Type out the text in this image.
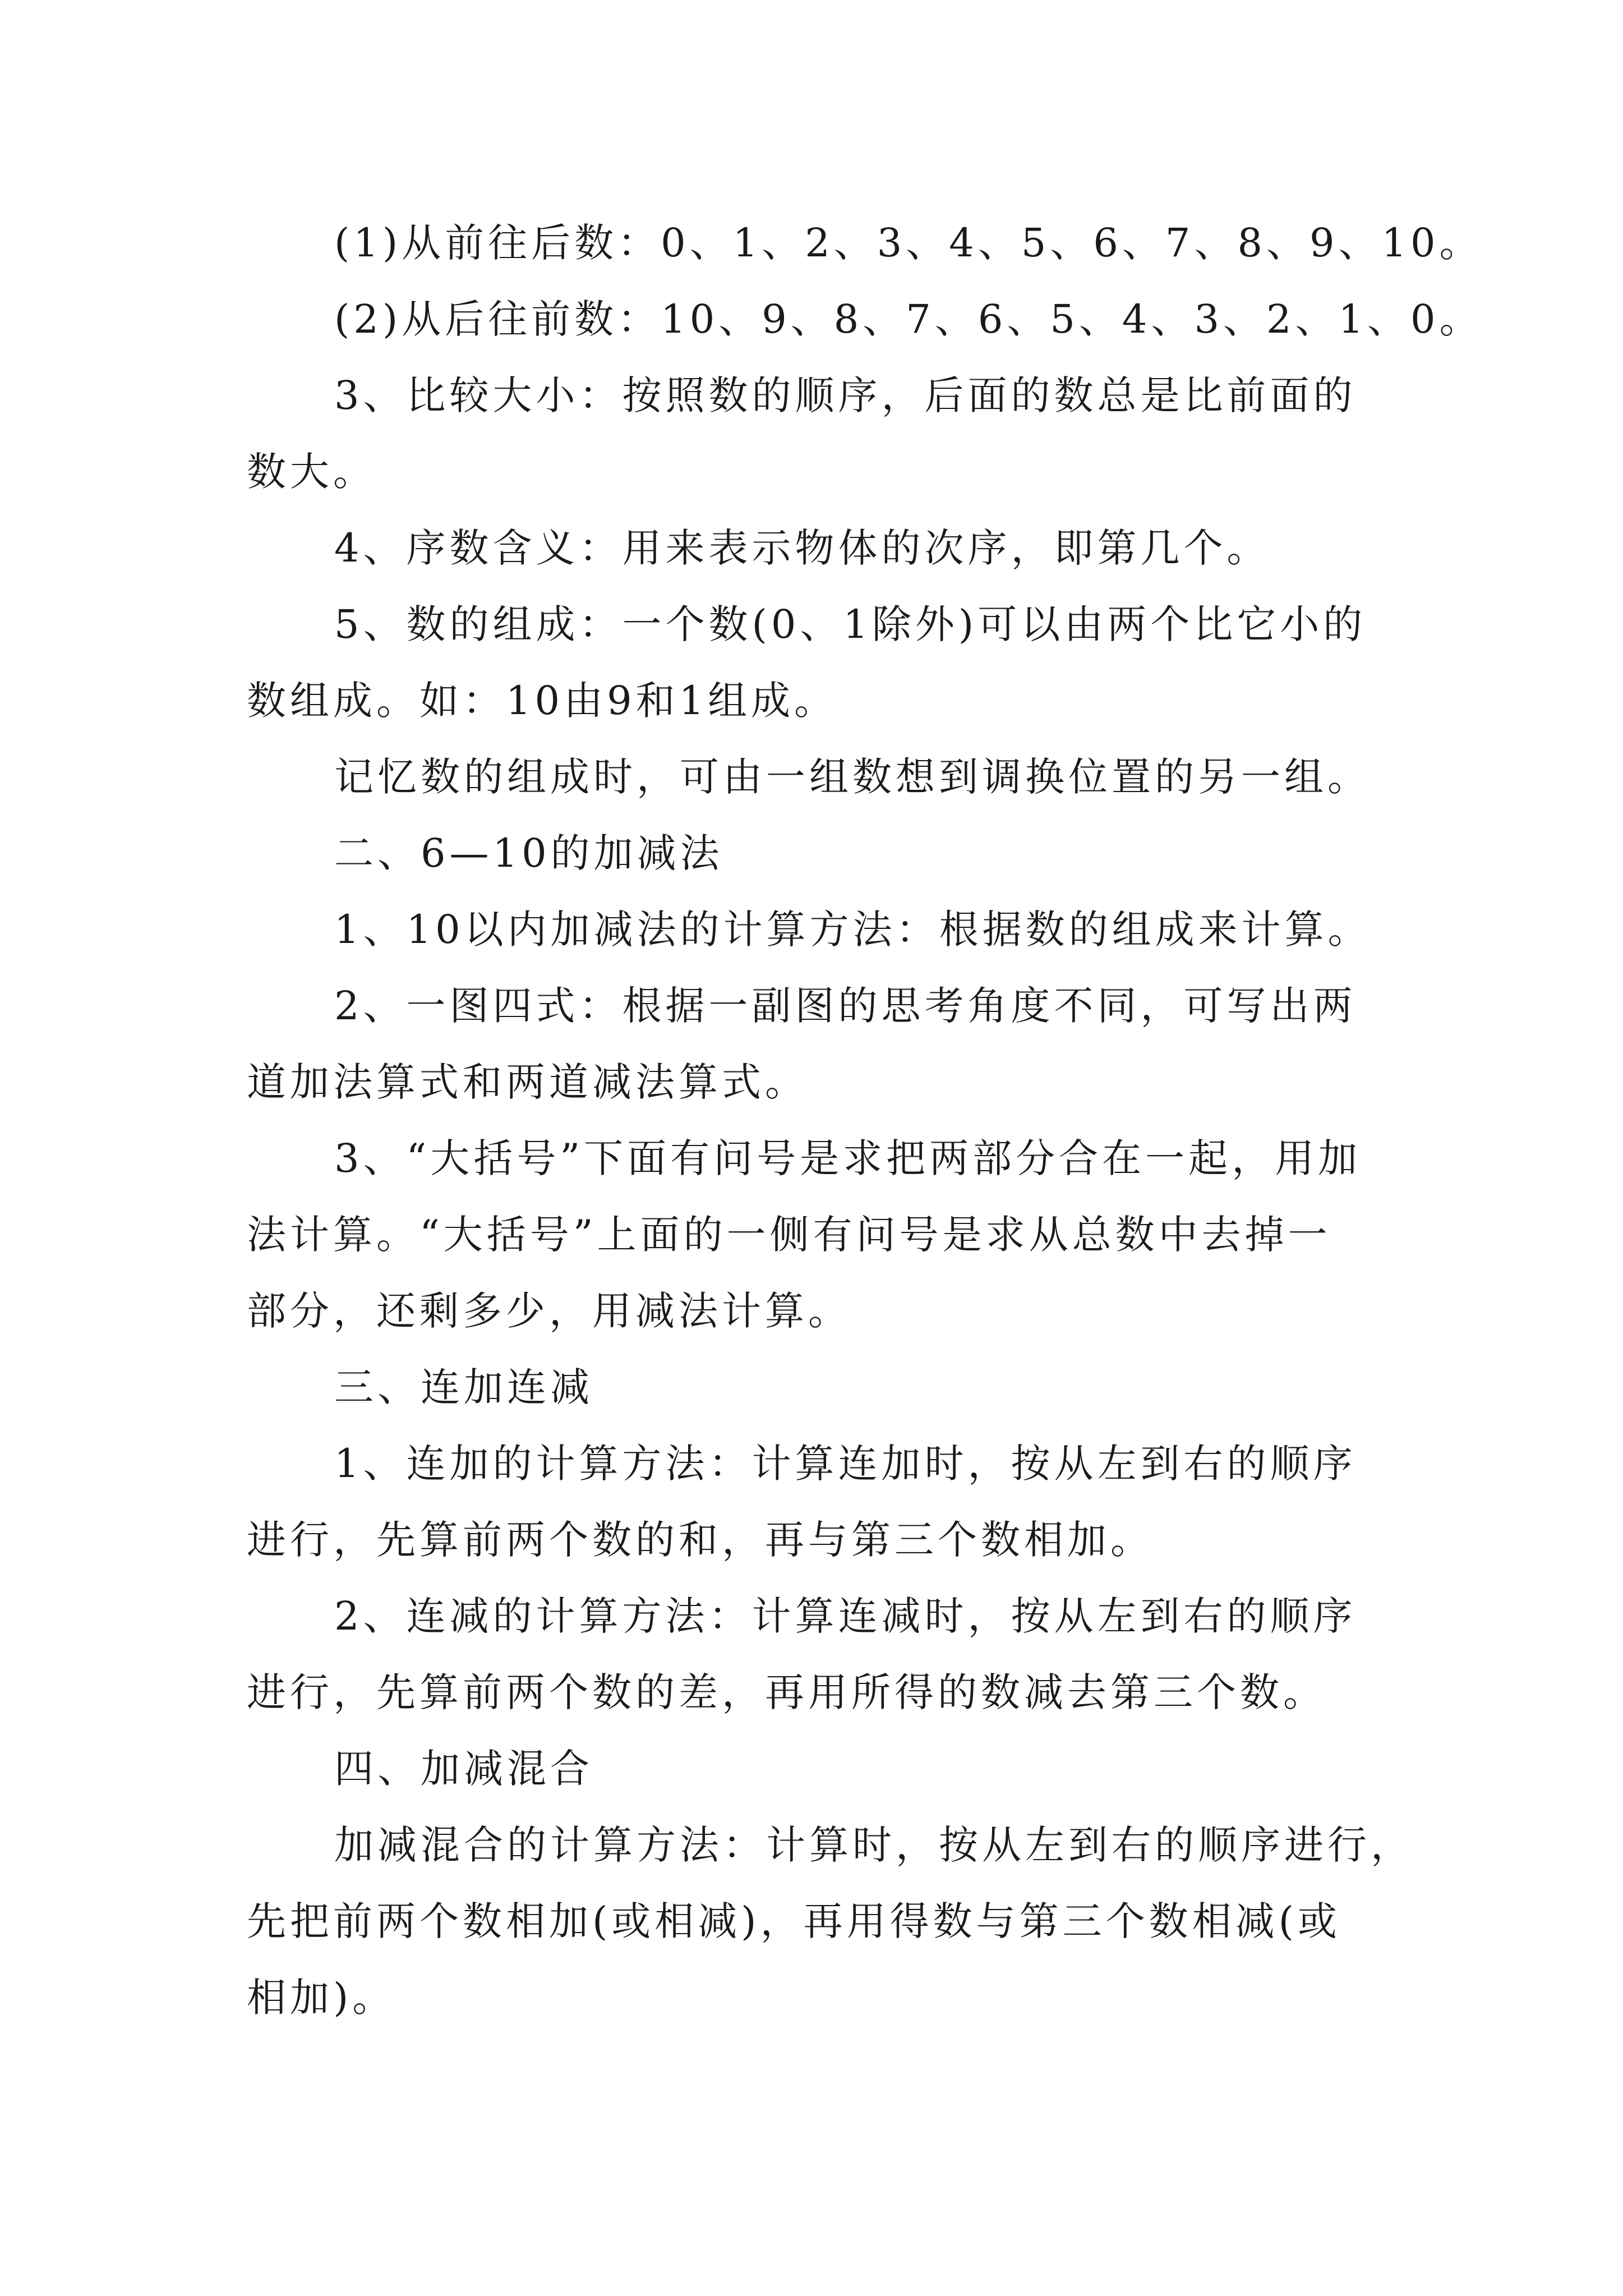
(1)从前往后数：0、1、2、3、4、5、6、7、8、9、10。
(2)从后往前数：10、9、8、7、6、5、4、3、2、1、0。
3、比较大小：按照数的顺序，后面的数总是比前面的
数大。
4、序数含义：用来表示物体的次序，即第几个。
5、数的组成：一个数(0、1除外)可以由两个比它小的
数组成。如：10由9和1组成。
记忆数的组成时，可由一组数想到调换位置的另一组。
二、6—10的加减法
1、10以内加减法的计算方法：根据数的组成来计算。
2、一图四式：根据一副图的思考角度不同，可写出两
道加法算式和两道减法算式。
3、“大括号”下面有问号是求把两部分合在一起，用加
法计算。“大括号”上面的一侧有问号是求从总数中去掉一
部分，还剩多少，用减法计算。
三、连加连减
1、连加的计算方法：计算连加时，按从左到右的顺序
进行，先算前两个数的和，再与第三个数相加。
2、连减的计算方法：计算连减时，按从左到右的顺序
进行，先算前两个数的差，再用所得的数减去第三个数。
四、加减混合
加减混合的计算方法：计算时，按从左到右的顺序进行，
先把前两个数相加(或相减)，再用得数与第三个数相减(或
相加)。
